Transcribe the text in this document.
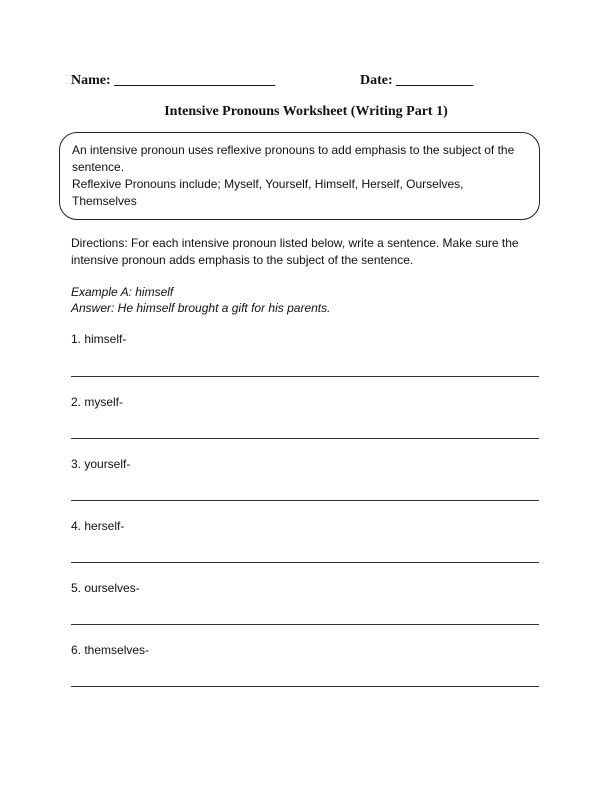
Name: _______________________	Date: ___________
Intensive Pronouns Worksheet (Writing Part 1)

An intensive pronoun uses reflexive pronouns to add emphasis to the subject of the sentence.

Reflexive Pronouns include; Myself, Yourself, Himself, Herself, Ourselves, Themselves

Directions: For each intensive pronoun listed below, write a sentence. Make sure the intensive pronoun adds emphasis to the subject of the sentence.

Example A: himself

Answer: He himself brought a gift for his parents.

1. himself-
2. myself-
3. yourself-
4. herself-
5. ourselves-
6. themselves-
